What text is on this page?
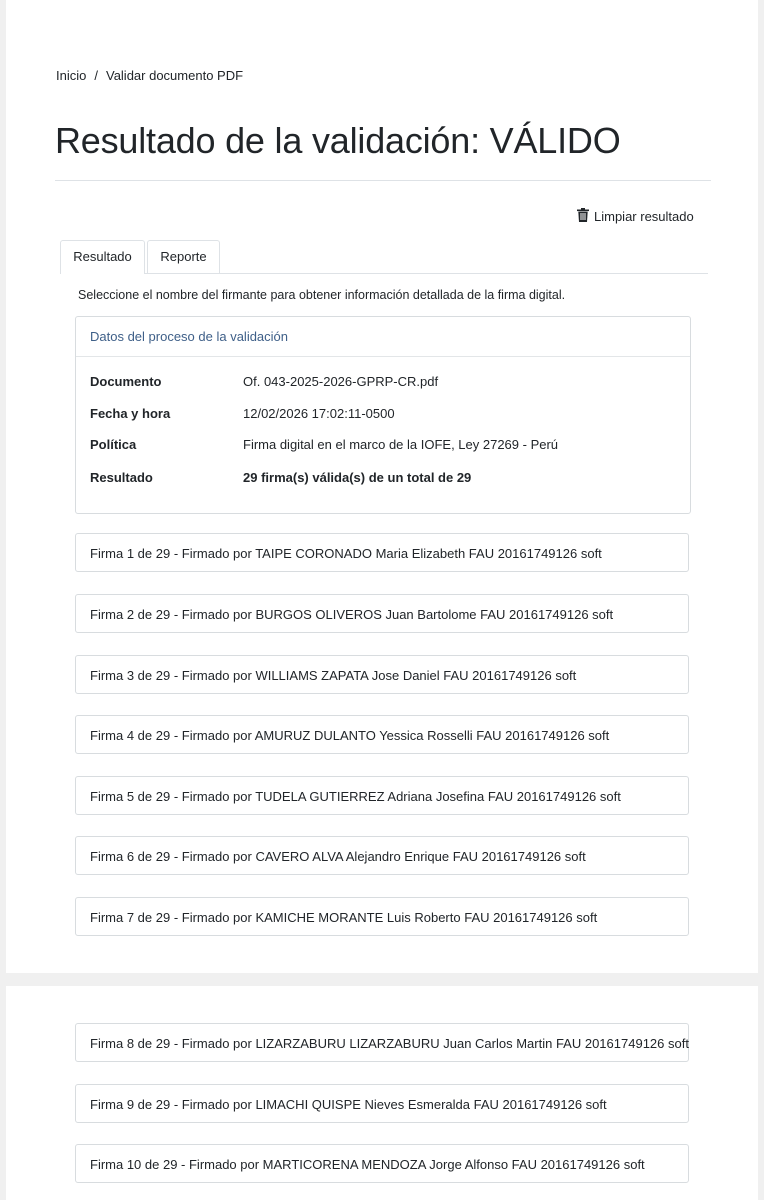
Inicio / Validar documento PDF
Resultado de la validación: VÁLIDO
Limpiar resultado
Resultado	Reporte
Seleccione el nombre del firmante para obtener información detallada de la firma digital.
Datos del proceso de la validación
Documento	Of. 043-2025-2026-GPRP-CR.pdf
Fecha y hora	12/02/2026 17:02:11-0500
Política	Firma digital en el marco de la IOFE, Ley 27269 - Perú
Resultado	29 firma(s) válida(s) de un total de 29
Firma 1 de 29 - Firmado por TAIPE CORONADO Maria Elizabeth FAU 20161749126 soft
Firma 2 de 29 - Firmado por BURGOS OLIVEROS Juan Bartolome FAU 20161749126 soft
Firma 3 de 29 - Firmado por WILLIAMS ZAPATA Jose Daniel FAU 20161749126 soft
Firma 4 de 29 - Firmado por AMURUZ DULANTO Yessica Rosselli FAU 20161749126 soft
Firma 5 de 29 - Firmado por TUDELA GUTIERREZ Adriana Josefina FAU 20161749126 soft
Firma 6 de 29 - Firmado por CAVERO ALVA Alejandro Enrique FAU 20161749126 soft
Firma 7 de 29 - Firmado por KAMICHE MORANTE Luis Roberto FAU 20161749126 soft
Firma 8 de 29 - Firmado por LIZARZABURU LIZARZABURU Juan Carlos Martin FAU 20161749126 soft
Firma 9 de 29 - Firmado por LIMACHI QUISPE Nieves Esmeralda FAU 20161749126 soft
Firma 10 de 29 - Firmado por MARTICORENA MENDOZA Jorge Alfonso FAU 20161749126 soft
